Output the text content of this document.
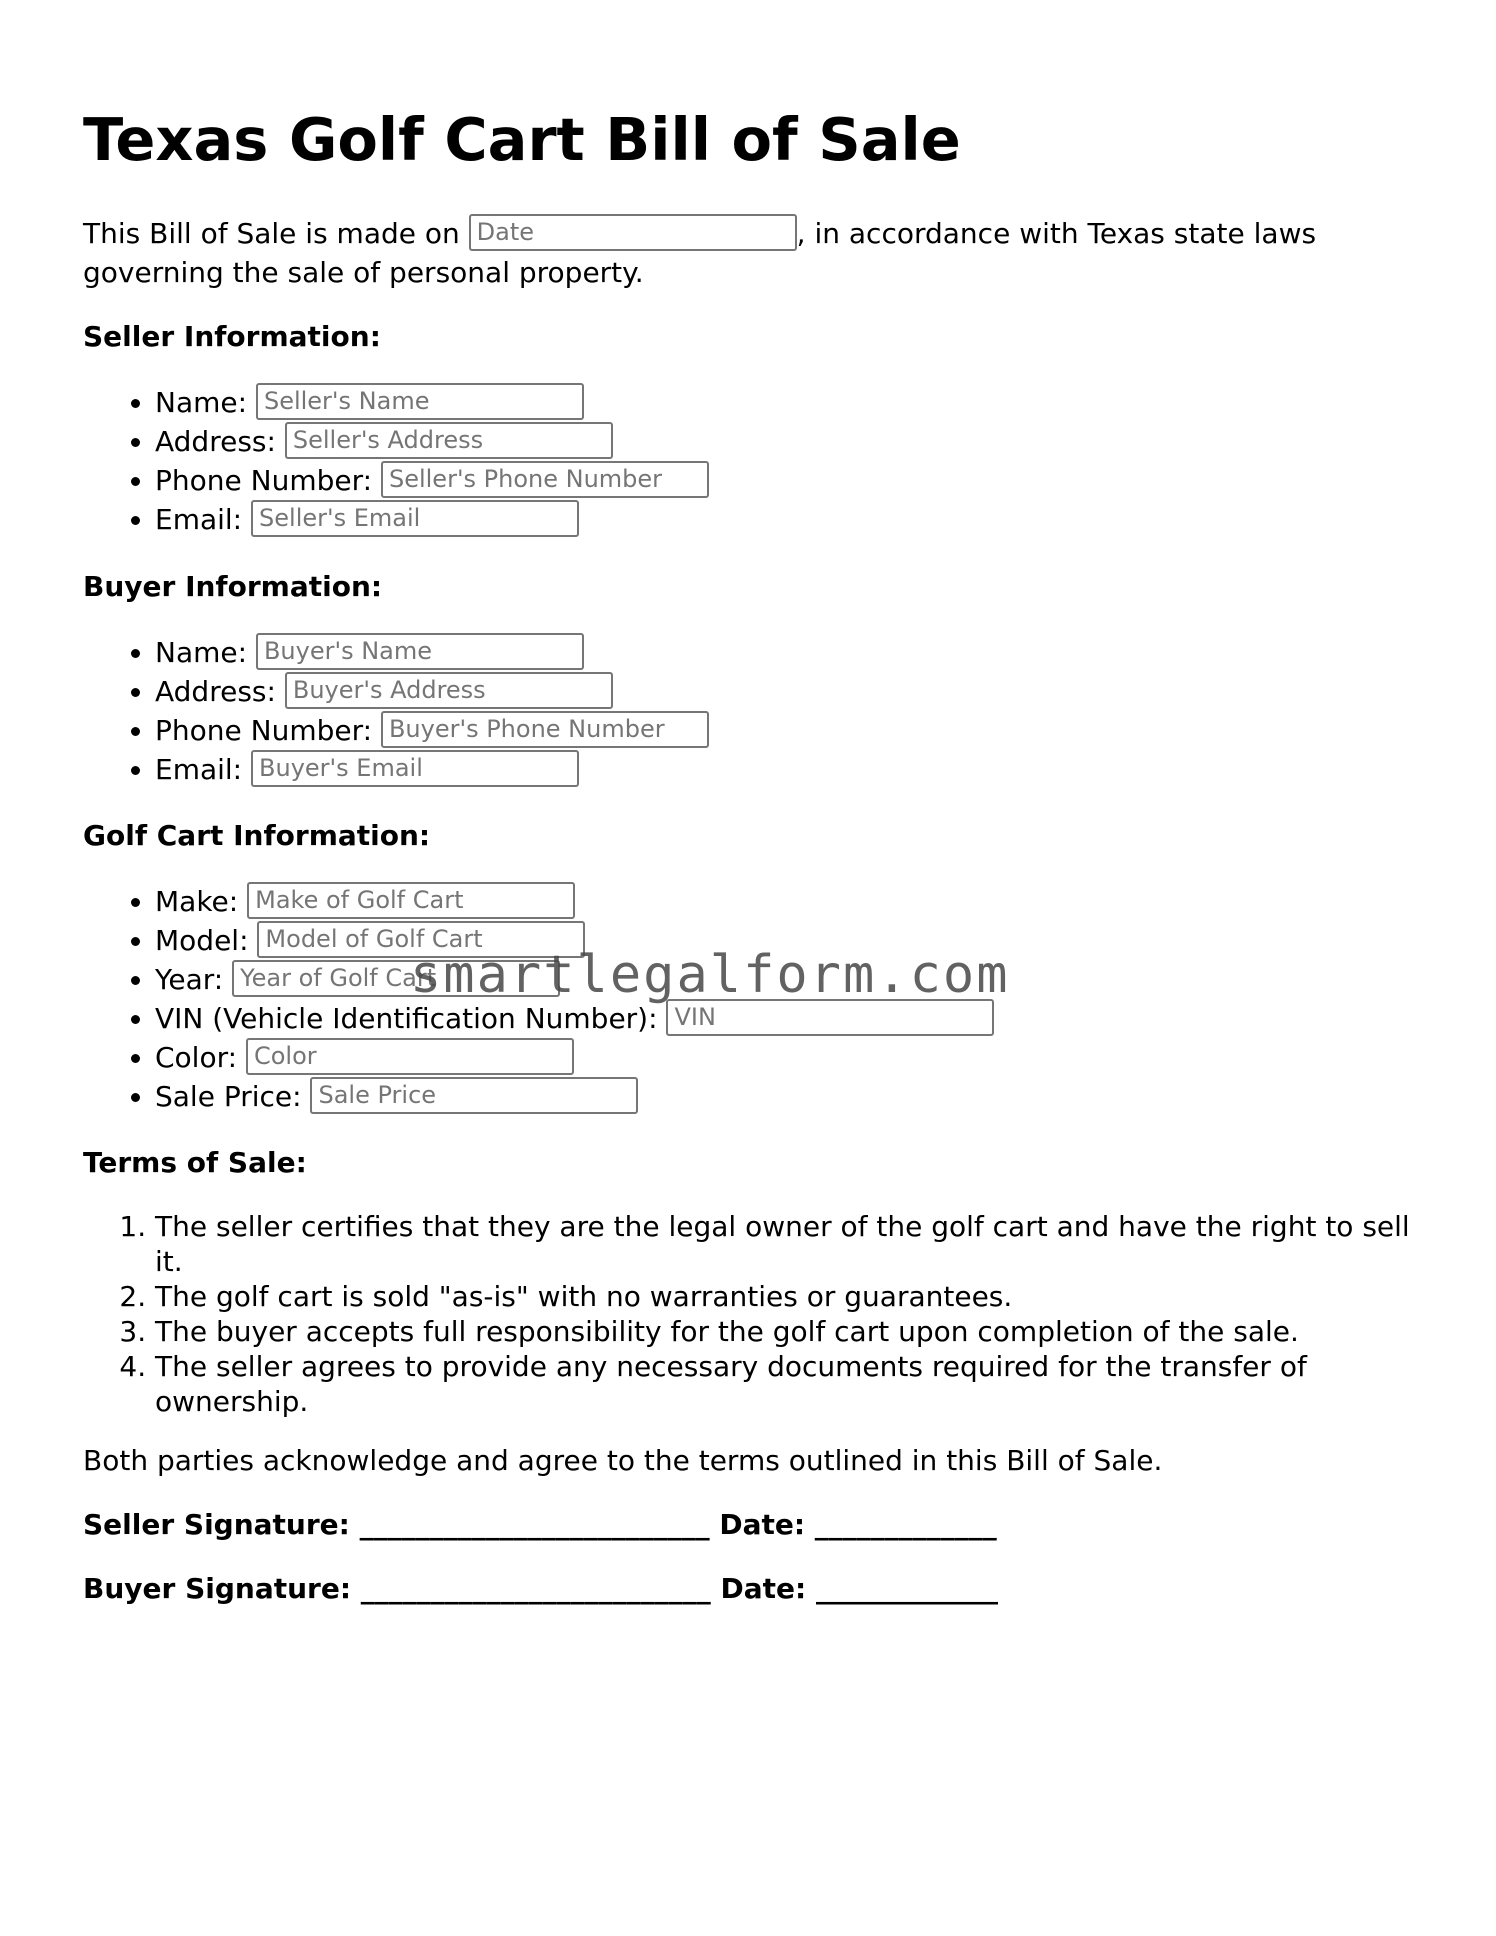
Texas Golf Cart Bill of Sale

This Bill of Sale is made on Date	, in accordance with Texas state laws governing the sale of personal property.

Seller Information:
• Name: Seller's Name
• Address: Seller's Address
• Phone Number: Seller's Phone Number
• Email: Seller's Email
Buyer Information:
• Name: Buyer's Name
• Address: Buyer's Address
• Phone Number: Buyer's Phone Number
• Email: Buyer's Email
Golf Cart Information:
• Make: Make of Golf Cart
• Model: Model of Golf Cart
• Year: Year of Golf Cart
• VIN (Vehicle Identification Number): VIN
• Color: Color
• Sale Price: Sale Price
Terms of Sale:
1. The seller certifies that they are the legal owner of the golf cart and have the right to sell it.
2. The golf cart is sold "as-is" with no warranties or guarantees.
3. The buyer accepts full responsibility for the golf cart upon completion of the sale.
4. The seller agrees to provide any necessary documents required for the transfer of ownership.

Both parties acknowledge and agree to the terms outlined in this Bill of Sale.

Seller Signature: _________________________ Date: _____________

Buyer Signature: _________________________ Date: _____________

smartlegalform.com
